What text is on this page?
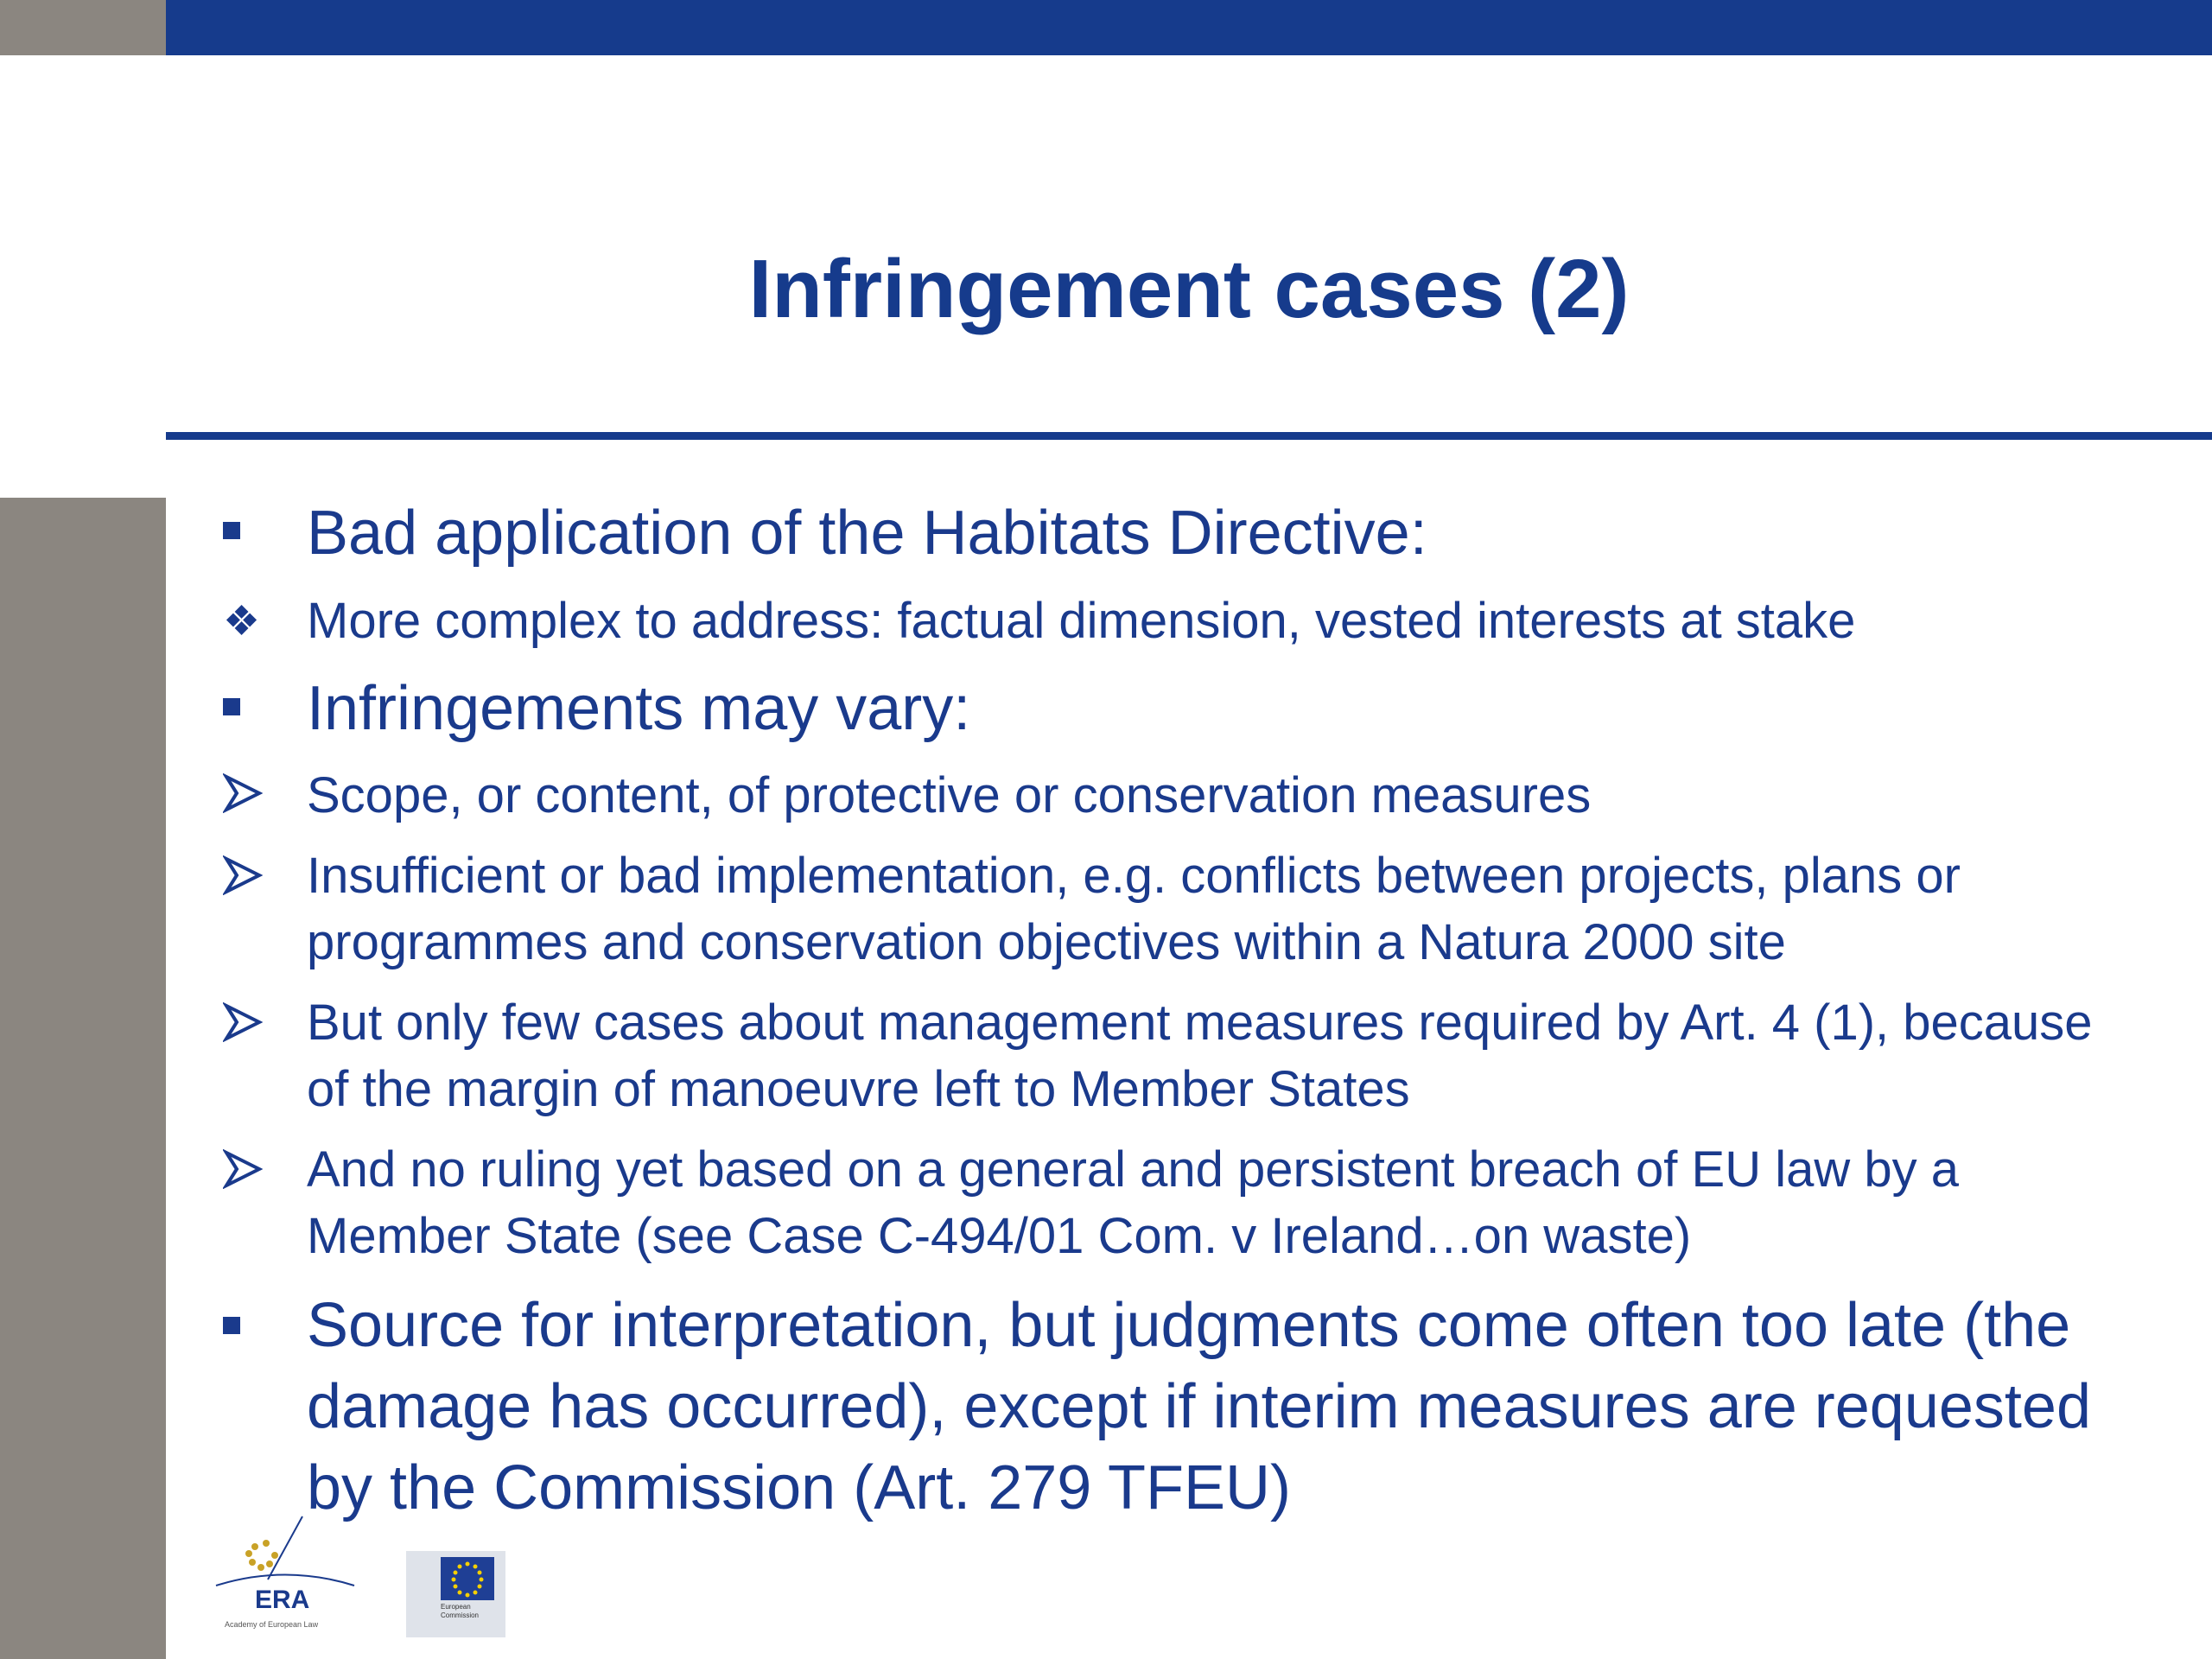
Infringement cases (2)
Bad application of the Habitats Directive:
❖ More complex to address: factual dimension, vested interests at stake
Infringements may vary:
Scope, or content, of protective or conservation measures
Insufficient or bad implementation, e.g. conflicts between projects, plans or programmes and conservation objectives within a Natura 2000 site
But only few cases about management measures required by Art. 4 (1), because of the margin of manoeuvre left to Member States
And no ruling yet based on a general and persistent breach of EU law by a Member State (see Case C-494/01 Com. v Ireland…on waste)
Source for interpretation, but judgments come often too late (the damage has occurred), except if interim measures are requested by the Commission (Art. 279 TFEU)
ERA
Academy of European Law
European
Commission
